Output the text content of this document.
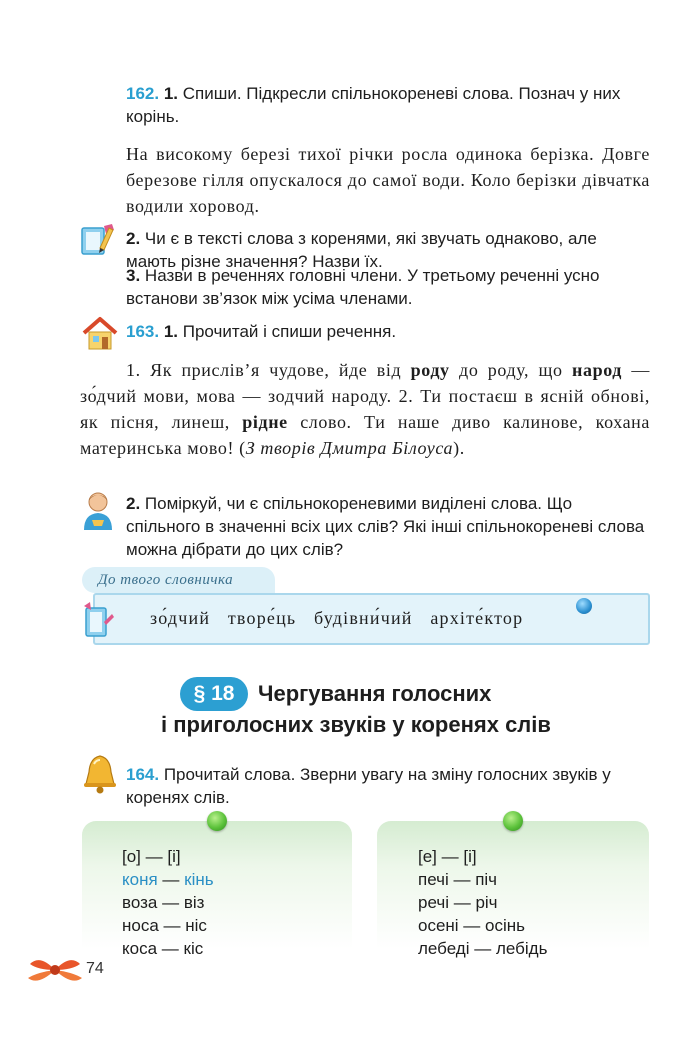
162. 1. Спиши. Підкресли спільнокореневі слова. Познач у них корінь.
На високому березі тихої річки росла одинока берізка. Довге березове гілля опускалося до самої води. Коло берізки дівчатка водили хоровод.
2. Чи є в тексті слова з коренями, які звучать однаково, але мають різне значення? Назви їх.
3. Назви в реченнях головні члени. У третьому реченні усно встанови зв’язок між усіма членами.
163. 1. Прочитай і спиши речення.
1. Як прислів’я чудове, йде від роду до роду, що народ — зо́дчий мови, мова — зодчий народу. 2. Ти постаєш в ясній обнові, як пісня, линеш, рідне слово. Ти наше диво калинове, кохана материнська мово! (З творів Дмитра Білоуса).
2. Поміркуй, чи є спільнокореневими виділені слова. Що спільного в значенні всіх цих слів? Які інші спільнокореневі слова можна дібрати до цих слів?
До твого словничка
зо́дчий творе́ць будівни́чий архіте́ктор
§ 18	Чергування голосних
і приголосних звуків у коренях слів
164. Прочитай слова. Зверни увагу на зміну голосних звуків у коренях слів.
[о] — [і]
коня — кінь
воза — віз
носа — ніс
коса — кіс
[е] — [і]
печі — піч
речі — річ
осені — осінь
лебеді — лебідь
74
